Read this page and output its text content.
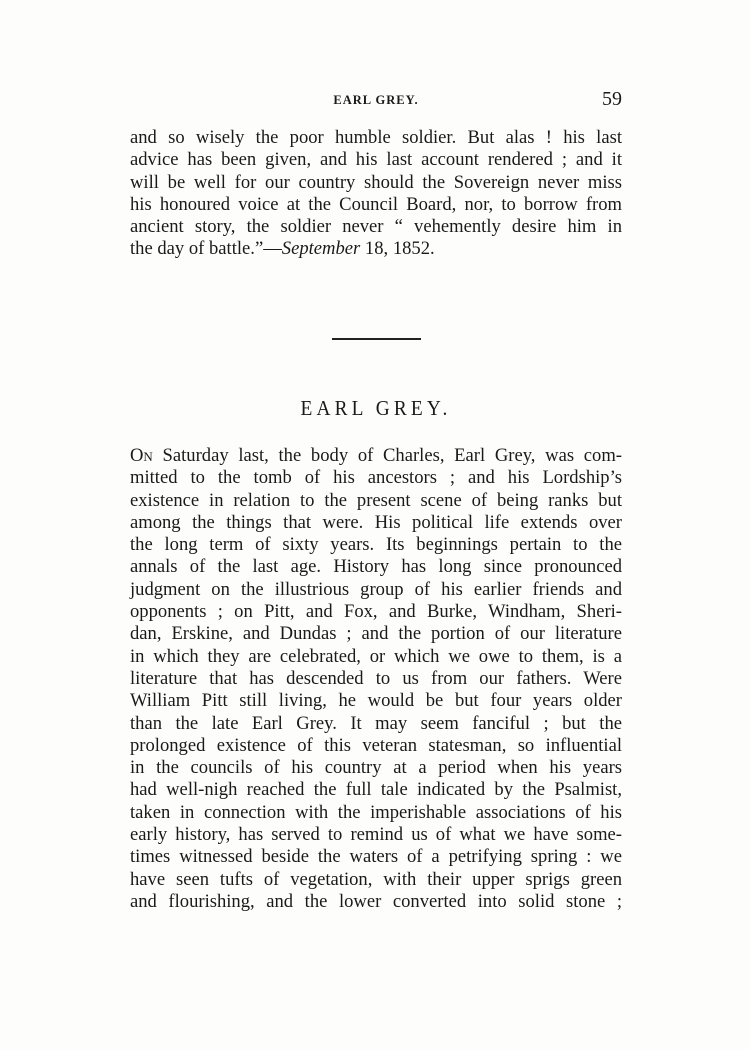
EARL GREY.	59
and so wisely the poor humble soldier. But alas ! his last
advice has been given, and his last account rendered ; and it
will be well for our country should the Sovereign never miss
his honoured voice at the Council Board, nor, to borrow from
ancient story, the soldier never “ vehemently desire him in
the day of battle.”—September 18, 1852.
EARL GREY.
On Saturday last, the body of Charles, Earl Grey, was com-
mitted to the tomb of his ancestors ; and his Lordship’s
existence in relation to the present scene of being ranks but
among the things that were. His political life extends over
the long term of sixty years. Its beginnings pertain to the
annals of the last age. History has long since pronounced
judgment on the illustrious group of his earlier friends and
opponents ; on Pitt, and Fox, and Burke, Windham, Sheri-
dan, Erskine, and Dundas ; and the portion of our literature
in which they are celebrated, or which we owe to them, is a
literature that has descended to us from our fathers. Were
William Pitt still living, he would be but four years older
than the late Earl Grey. It may seem fanciful ; but the
prolonged existence of this veteran statesman, so influential
in the councils of his country at a period when his years
had well-nigh reached the full tale indicated by the Psalmist,
taken in connection with the imperishable associations of his
early history, has served to remind us of what we have some-
times witnessed beside the waters of a petrifying spring : we
have seen tufts of vegetation, with their upper sprigs green
and flourishing, and the lower converted into solid stone ;
